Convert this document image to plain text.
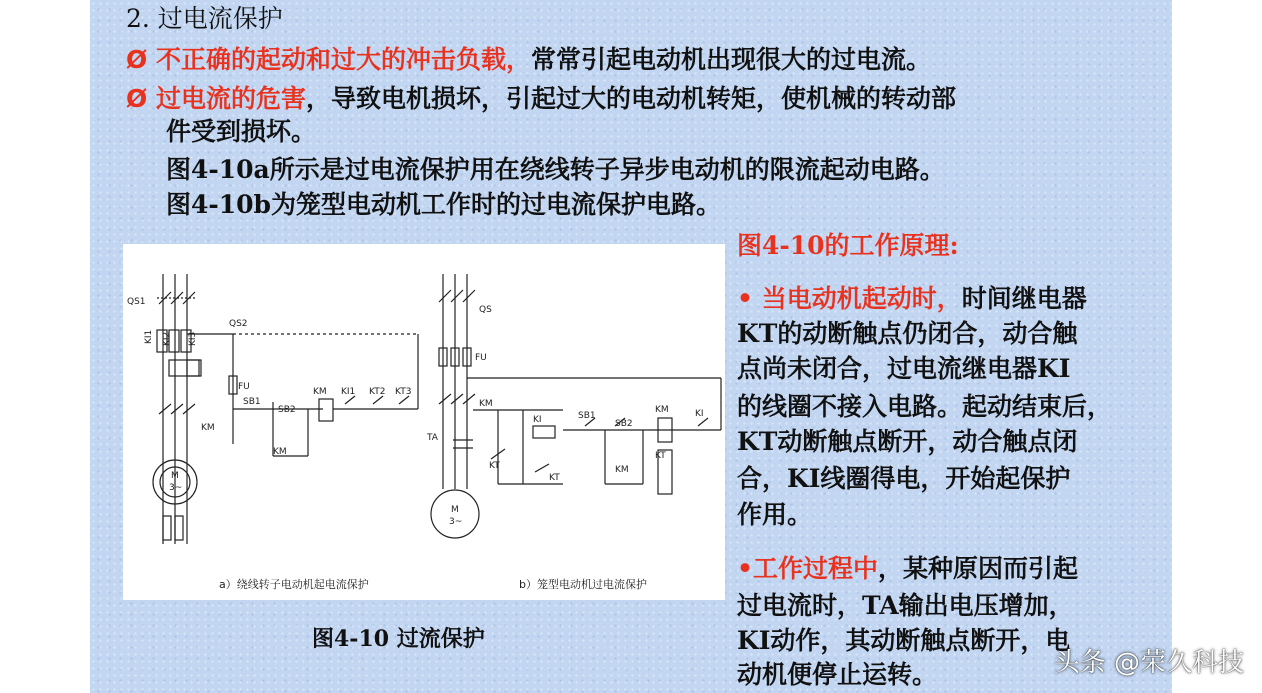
2. 过电流保护
Ø 不正确的起动和过大的冲击负载，常常引起电动机出现很大的过电流。
Ø 过电流的危害，导致电机损坏，引起过大的电动机转矩，使机械的转动部
件受到损坏。
图4-10a所示是过电流保护用在绕线转子异步电动机的限流起动电路。
图4-10b为笼型电动机工作时的过电流保护电路。
QS1
KI1 KI2 KI3
QS2
FU
SB1
SB2
KM KI1 KT2 KT3
KM
KM
M
3~
QS
FU
KM
TA
KI
KT
KT
SB1
SB2
KM	KI
KM
KT
M
3~
a）绕线转子电动机起电流保护	b）笼型电动机过电流保护
图4-10 过流保护
图4-10的工作原理:
• 当电动机起动时，时间继电器
KT的动断触点仍闭合，动合触
点尚未闭合，过电流继电器KI
的线圈不接入电路。起动结束后，
KT动断触点断开，动合触点闭
合，KI线圈得电，开始起保护
作用。
•工作过程中，某种原因而引起
过电流时，TA输出电压增加，
KI动作，其动断触点断开，电
动机便停止运转。	头条 @荣久科技
